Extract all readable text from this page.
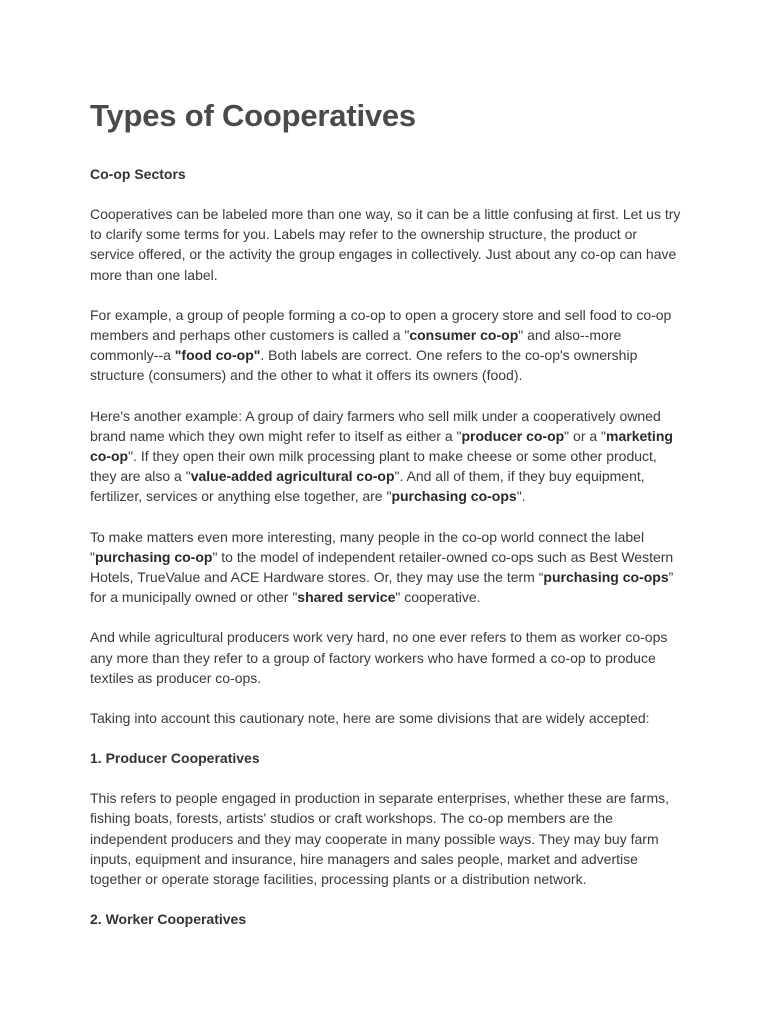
Types of Cooperatives
Co-op Sectors

Cooperatives can be labeled more than one way, so it can be a little confusing at first. Let us try to clarify some terms for you. Labels may refer to the ownership structure, the product or service offered, or the activity the group engages in collectively. Just about any co-op can have more than one label.

For example, a group of people forming a co-op to open a grocery store and sell food to co-op members and perhaps other customers is called a "consumer co-op" and also--more commonly--a "food co-op". Both labels are correct. One refers to the co-op's ownership structure (consumers) and the other to what it offers its owners (food).

Here's another example: A group of dairy farmers who sell milk under a cooperatively owned brand name which they own might refer to itself as either a "producer co-op" or a "marketing co-op". If they open their own milk processing plant to make cheese or some other product, they are also a "value-added agricultural co-op". And all of them, if they buy equipment, fertilizer, services or anything else together, are "purchasing co-ops".

To make matters even more interesting, many people in the co-op world connect the label "purchasing co-op" to the model of independent retailer-owned co-ops such as Best Western Hotels, TrueValue and ACE Hardware stores. Or, they may use the term “purchasing co-ops” for a municipally owned or other "shared service" cooperative.

And while agricultural producers work very hard, no one ever refers to them as worker co-ops any more than they refer to a group of factory workers who have formed a co-op to produce textiles as producer co-ops.

Taking into account this cautionary note, here are some divisions that are widely accepted:

1. Producer Cooperatives

This refers to people engaged in production in separate enterprises, whether these are farms, fishing boats, forests, artists' studios or craft workshops. The co-op members are the independent producers and they may cooperate in many possible ways. They may buy farm inputs, equipment and insurance, hire managers and sales people, market and advertise together or operate storage facilities, processing plants or a distribution network.

2. Worker Cooperatives
